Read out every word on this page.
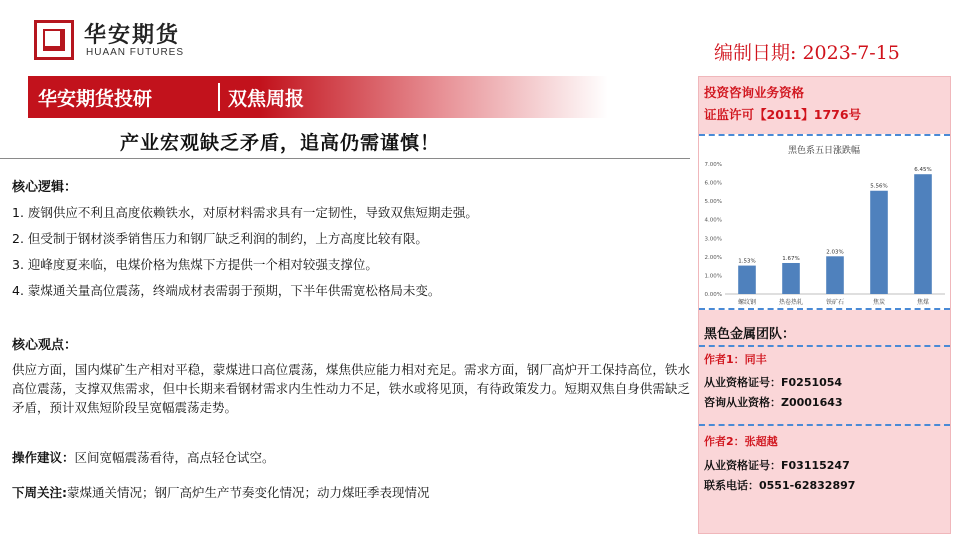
华安期货
HUAAN FUTURES	编制日期: 2023-7-15
华安期货投研	双焦周报
产业宏观缺乏矛盾，追高仍需谨慎！
核心逻辑：
1. 废钢供应不利且高度依赖铁水，对原材料需求具有一定韧性，导致双焦短期走强。
2. 但受制于钢材淡季销售压力和钢厂缺乏利润的制约，上方高度比较有限。
3. 迎峰度夏来临，电煤价格为焦煤下方提供一个相对较强支撑位。
4. 蒙煤通关量高位震荡，终端成材表需弱于预期，下半年供需宽松格局未变。
核心观点：
供应方面，国内煤矿生产相对平稳，蒙煤进口高位震荡，煤焦供应能力相对充足。需求方面，钢厂高炉开工保持高位，铁水高位震荡，支撑双焦需求，但中长期来看钢材需求内生性动力不足，铁水或将见顶，有待政策发力。短期双焦自身供需缺乏矛盾，预计双焦短阶段呈宽幅震荡走势。
操作建议：区间宽幅震荡看待，高点轻仓试空。
下周关注:蒙煤通关情况；钢厂高炉生产节奏变化情况；动力煤旺季表现情况
投资咨询业务资格
证监许可【2011】1776号
黑色系五日涨跌幅
0.00%
1.00%
2.00%
3.00%
4.00%
5.00%
6.00%
7.00%
1.53%	1.67%
2.03%
5.56%
6.45%
螺纹钢	热卷热轧	铁矿石	焦炭	焦煤
黑色金属团队：
作者1：同丰
从业资格证号：F0251054
咨询从业资格：Z0001643
作者2：张超越
从业资格证号：F03115247
联系电话：0551-62832897
